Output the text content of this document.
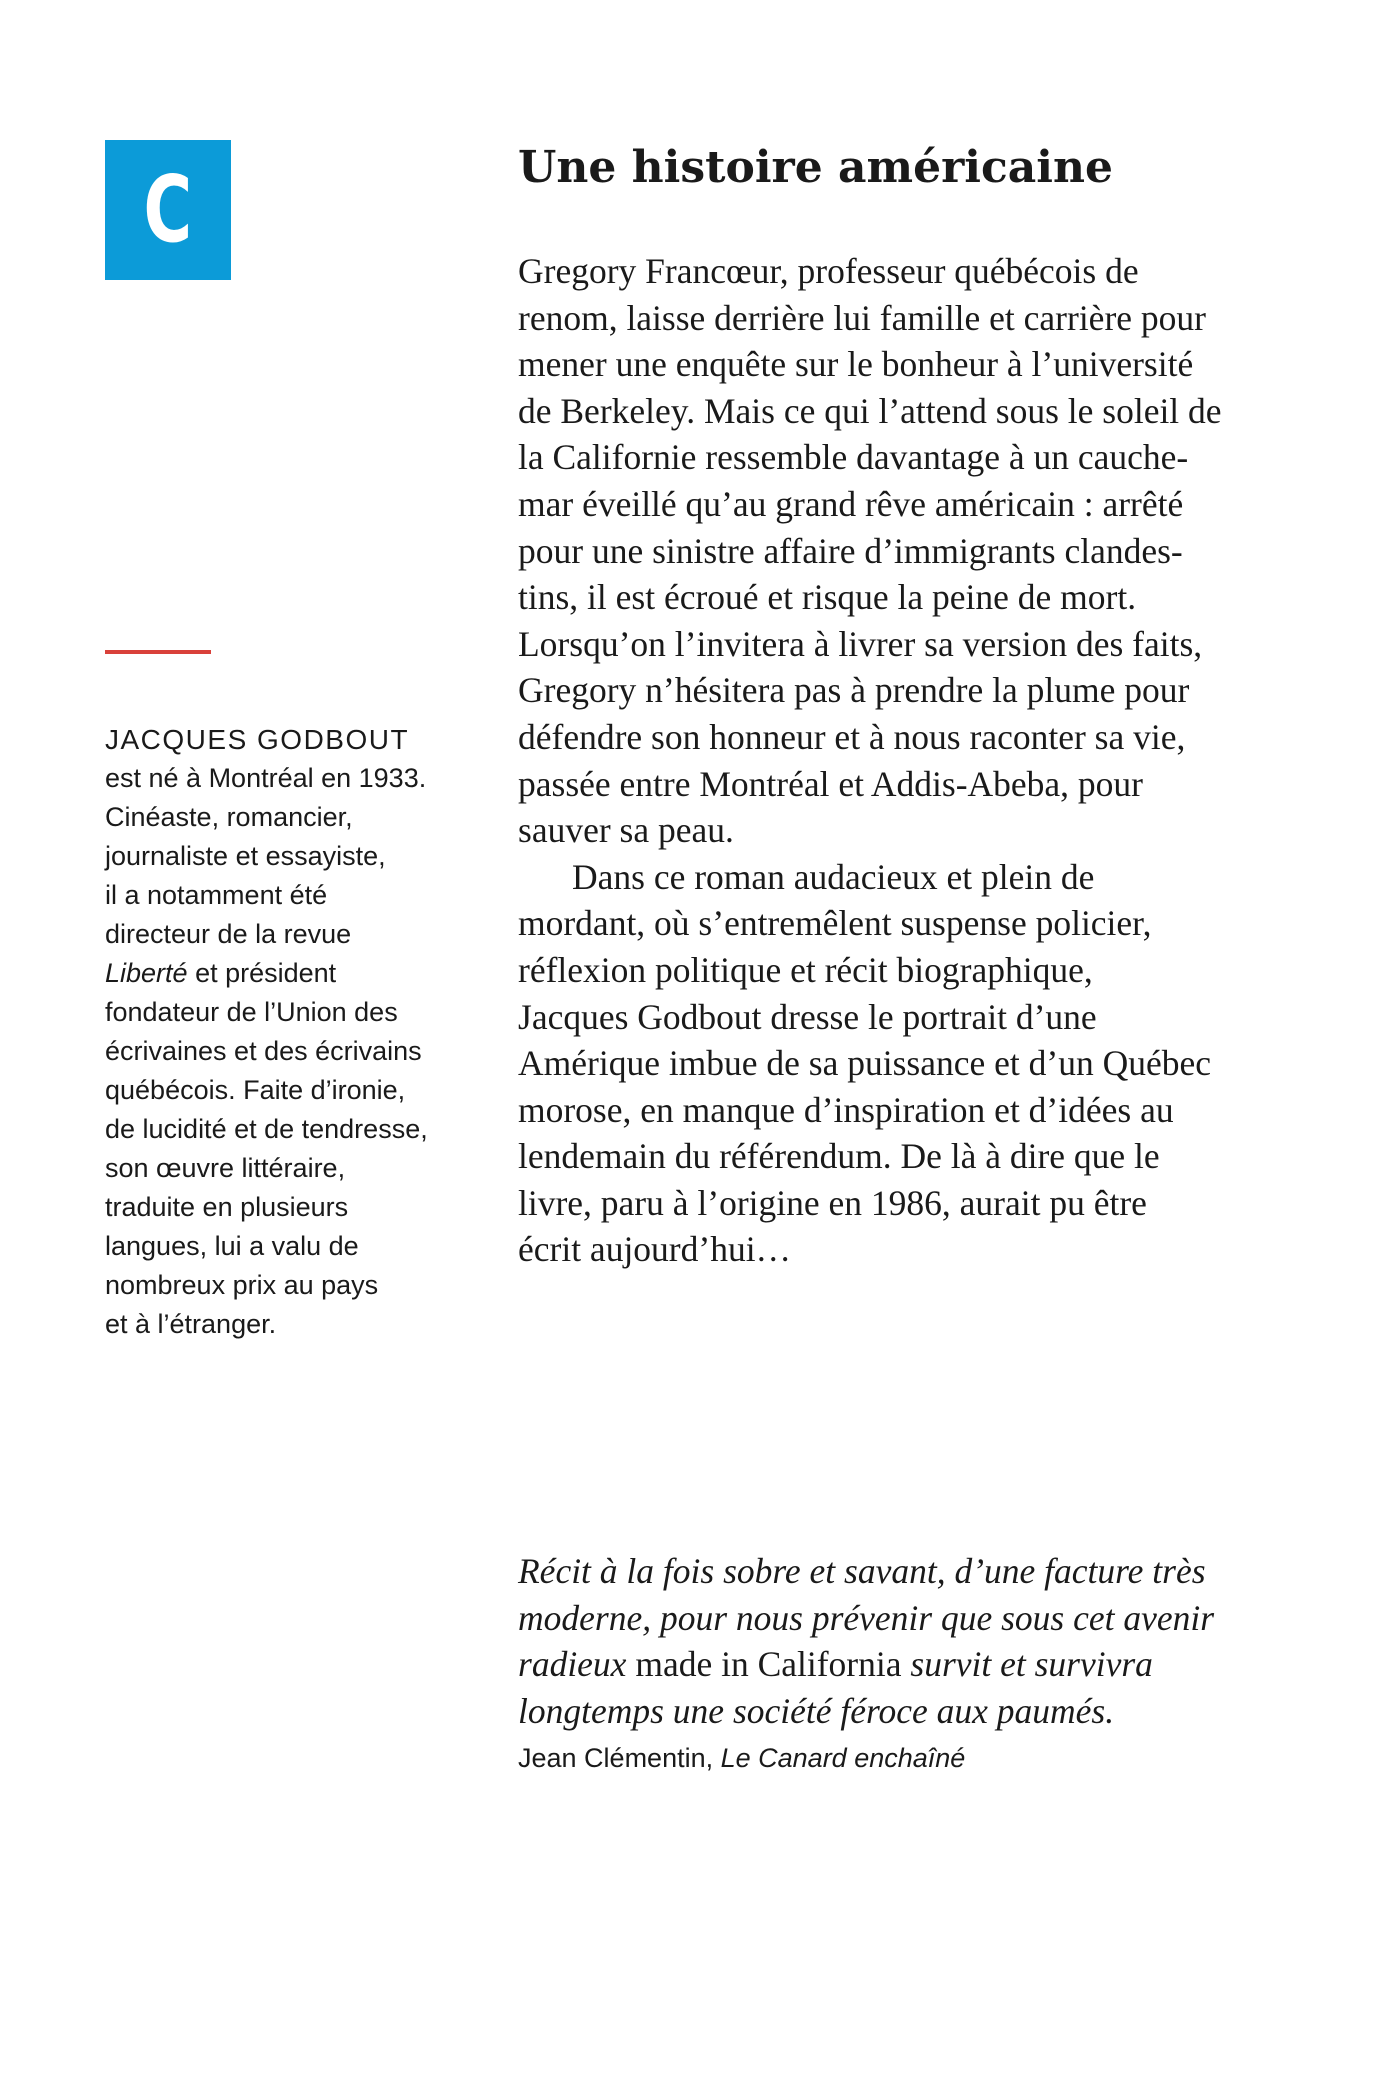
C
JACQUES GODBOUT
est né à Montréal en 1933.
Cinéaste, romancier,
journaliste et essayiste,
il a notamment été
directeur de la revue
Liberté et président
fondateur de l’Union des
écrivaines et des écrivains
québécois. Faite d’ironie,
de lucidité et de tendresse,
son œuvre littéraire,
traduite en plusieurs
langues, lui a valu de
nombreux prix au pays
et à l’étranger.
Une histoire américaine
Gregory Francœur, professeur québécois de
renom, laisse derrière lui famille et carrière pour
mener une enquête sur le bonheur à l’université
de Berkeley. Mais ce qui l’attend sous le soleil de
la Californie ressemble davantage à un cauche-
mar éveillé qu’au grand rêve américain : arrêté
pour une sinistre affaire d’immigrants clandes-
tins, il est écroué et risque la peine de mort.
Lorsqu’on l’invitera à livrer sa version des faits,
Gregory n’hésitera pas à prendre la plume pour
défendre son honneur et à nous raconter sa vie,
passée entre Montréal et Addis-Abeba, pour
sauver sa peau.
Dans ce roman audacieux et plein de
mordant, où s’entremêlent suspense policier,
réflexion politique et récit biographique,
Jacques Godbout dresse le portrait d’une
Amérique imbue de sa puissance et d’un Québec
morose, en manque d’inspiration et d’idées au
lendemain du référendum. De là à dire que le
livre, paru à l’origine en 1986, aurait pu être
écrit aujourd’hui…
Récit à la fois sobre et savant, d’une facture très
moderne, pour nous prévenir que sous cet avenir
radieux made in California survit et survivra
longtemps une société féroce aux paumés.
Jean Clémentin, Le Canard enchaîné
